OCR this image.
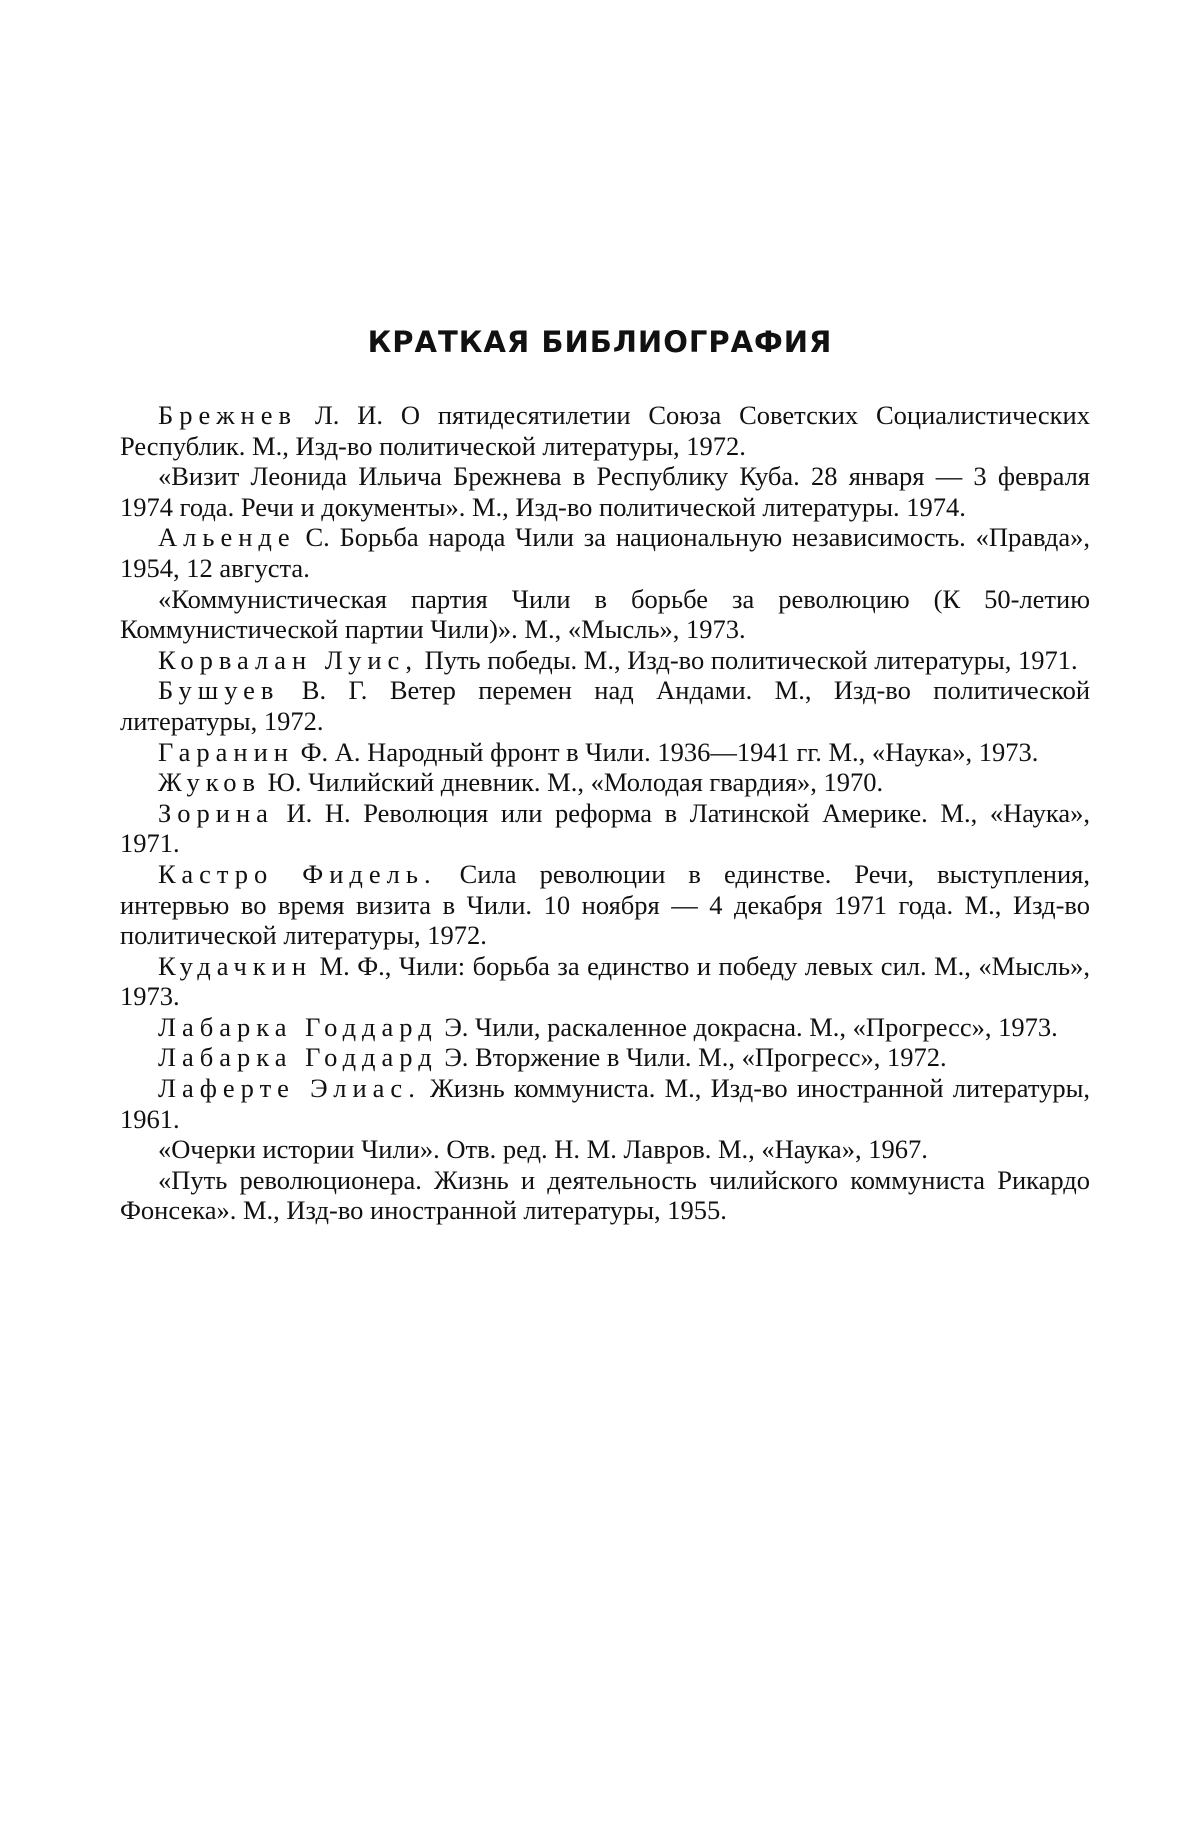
КРАТКАЯ БИБЛИОГРАФИЯ

Брежнев Л. И. О пятидесятилетии Союза Советских Социалистических Республик. М., Изд-во политической литературы, 1972.

«Визит Леонида Ильича Брежнева в Республику Куба. 28 января — 3 февраля 1974 года. Речи и документы». М., Изд-во политической литературы. 1974.

Альенде С. Борьба народа Чили за национальную независимость. «Правда», 1954, 12 августа.

«Коммунистическая партия Чили в борьбе за революцию (К 50-летию Коммунистической партии Чили)». М., «Мысль», 1973.

Корвалан Луис, Путь победы. М., Изд-во политической литературы, 1971.

Бушуев В. Г. Ветер перемен над Андами. М., Изд-во политической литературы, 1972.

Гаранин Ф. А. Народный фронт в Чили. 1936—1941 гг. М., «Наука», 1973.

Жуков Ю. Чилийский дневник. М., «Молодая гвардия», 1970.

Зорина И. Н. Революция или реформа в Латинской Америке. М., «Наука», 1971.

Кастро Фидель. Сила революции в единстве. Речи, выступления, интервью во время визита в Чили. 10 ноября — 4 декабря 1971 года. М., Изд-во политической литературы, 1972.

Кудачкин М. Ф., Чили: борьба за единство и победу левых сил. М., «Мысль», 1973.

Лабарка Годдард Э. Чили, раскаленное докрасна. М., «Прогресс», 1973.

Лабарка Годдард Э. Вторжение в Чили. М., «Прогресс», 1972.

Лаферте Элиас. Жизнь коммуниста. М., Изд-во иностранной литературы, 1961.

«Очерки истории Чили». Отв. ред. Н. М. Лавров. М., «Наука», 1967.

«Путь революционера. Жизнь и деятельность чилийского коммуниста Рикардо Фонсека». М., Изд-во иностранной литературы, 1955.
